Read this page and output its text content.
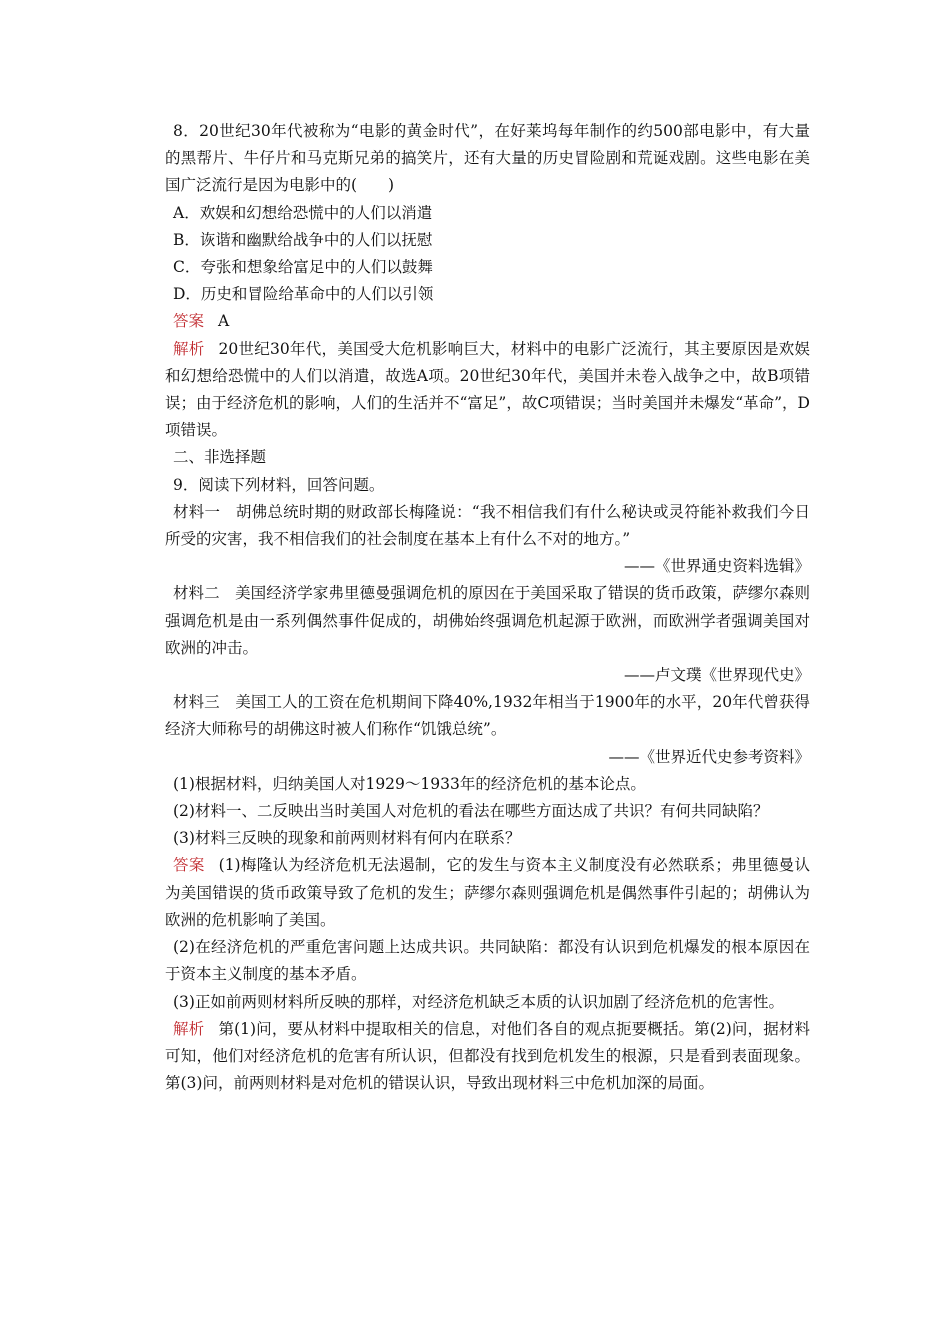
8．20世纪30年代被称为“电影的黄金时代”，在好莱坞每年制作的约500部电影中，有大量的黑帮片、牛仔片和马克斯兄弟的搞笑片，还有大量的历史冒险剧和荒诞戏剧。这些电影在美国广泛流行是因为电影中的(　　)

A．欢娱和幻想给恐慌中的人们以消遣

B．诙谐和幽默给战争中的人们以抚慰

C．夸张和想象给富足中的人们以鼓舞

D．历史和冒险给革命中的人们以引领

答案 A

解析 20世纪30年代，美国受大危机影响巨大，材料中的电影广泛流行，其主要原因是欢娱和幻想给恐慌中的人们以消遣，故选A项。20世纪30年代，美国并未卷入战争之中，故B项错误；由于经济危机的影响，人们的生活并不“富足”，故C项错误；当时美国并未爆发“革命”，D项错误。

二、非选择题

9．阅读下列材料，回答问题。

材料一　胡佛总统时期的财政部长梅隆说：“我不相信我们有什么秘诀或灵符能补救我们今日所受的灾害，我不相信我们的社会制度在基本上有什么不对的地方。”

——《世界通史资料选辑》

材料二　美国经济学家弗里德曼强调危机的原因在于美国采取了错误的货币政策，萨缪尔森则强调危机是由一系列偶然事件促成的，胡佛始终强调危机起源于欧洲，而欧洲学者强调美国对欧洲的冲击。

——卢文璞《世界现代史》

材料三　美国工人的工资在危机期间下降40%,1932年相当于1900年的水平，20年代曾获得经济大师称号的胡佛这时被人们称作“饥饿总统”。

——《世界近代史参考资料》

(1)根据材料，归纳美国人对1929～1933年的经济危机的基本论点。

(2)材料一、二反映出当时美国人对危机的看法在哪些方面达成了共识？有何共同缺陷？

(3)材料三反映的现象和前两则材料有何内在联系？

答案 (1)梅隆认为经济危机无法遏制，它的发生与资本主义制度没有必然联系；弗里德曼认为美国错误的货币政策导致了危机的发生；萨缪尔森则强调危机是偶然事件引起的；胡佛认为欧洲的危机影响了美国。

(2)在经济危机的严重危害问题上达成共识。共同缺陷：都没有认识到危机爆发的根本原因在于资本主义制度的基本矛盾。

(3)正如前两则材料所反映的那样，对经济危机缺乏本质的认识加剧了经济危机的危害性。

解析 第(1)问，要从材料中提取相关的信息，对他们各自的观点扼要概括。第(2)问，据材料可知，他们对经济危机的危害有所认识，但都没有找到危机发生的根源，只是看到表面现象。第(3)问，前两则材料是对危机的错误认识，导致出现材料三中危机加深的局面。
